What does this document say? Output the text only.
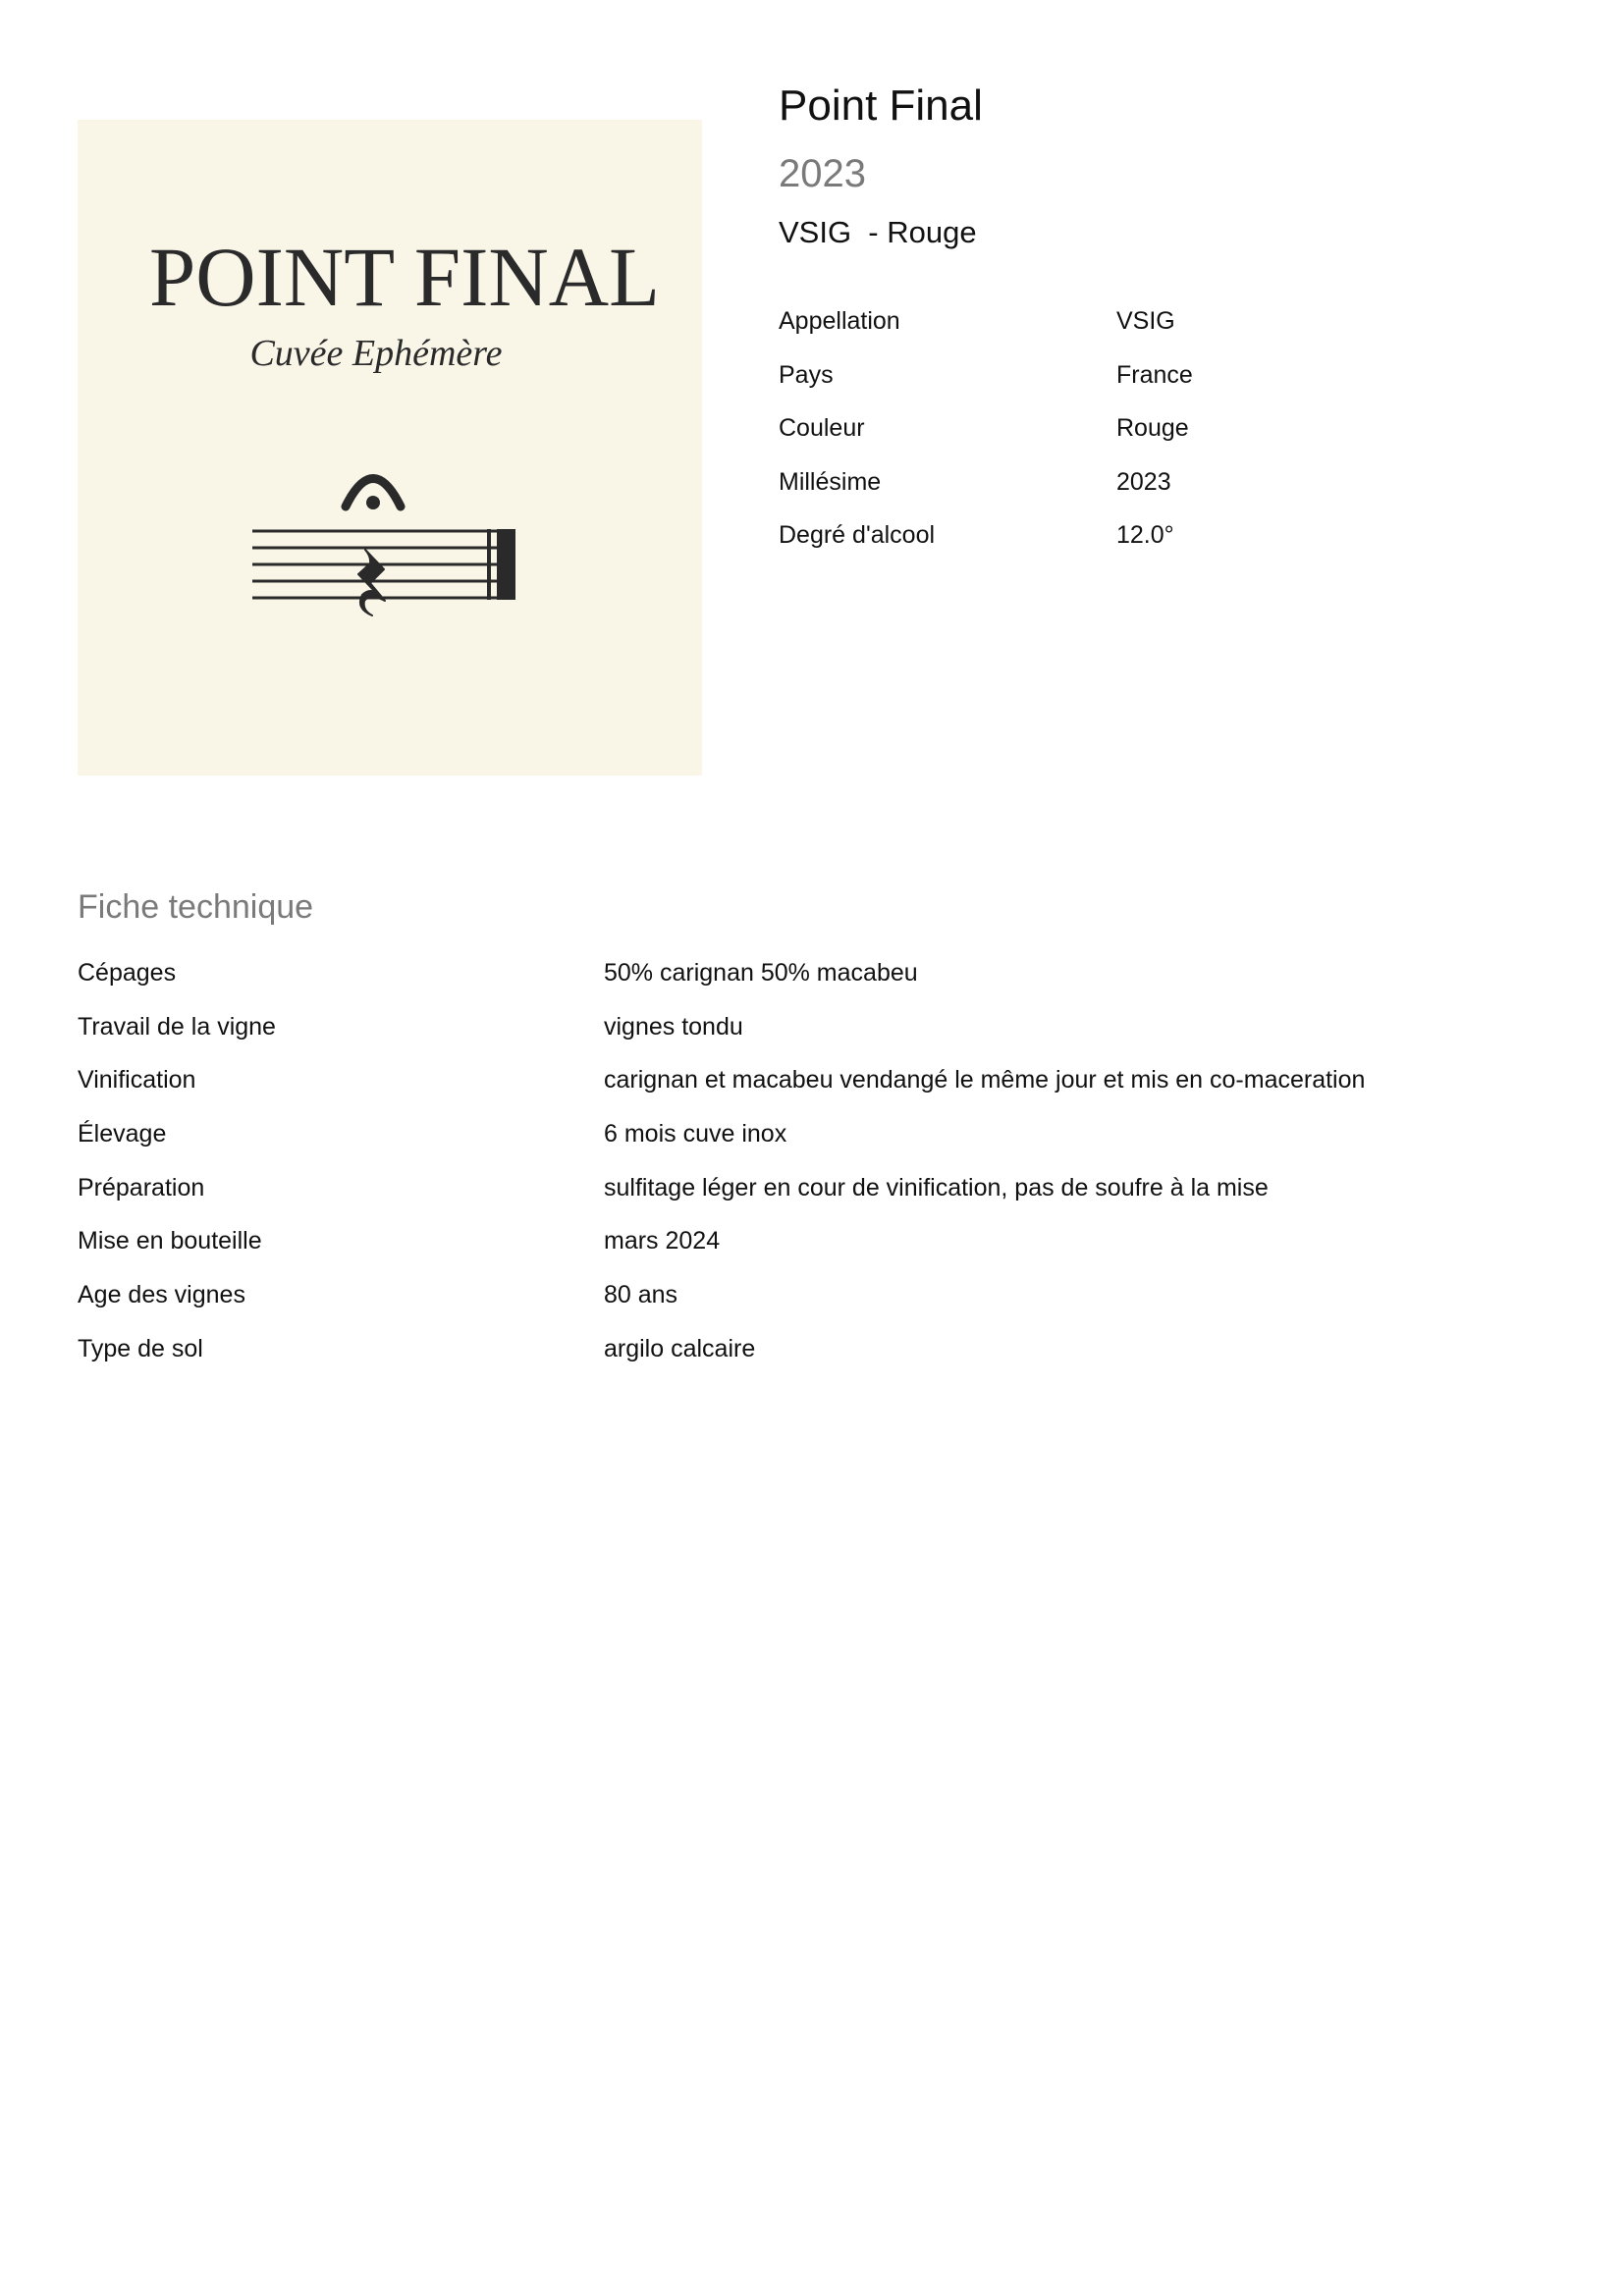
POINT FINAL
Cuvée Ephémère
Point Final
2023
VSIG  - Rouge
Appellation	VSIG
Pays	France
Couleur	Rouge
Millésime	2023
Degré d'alcool	12.0°
Fiche technique
Cépages	50% carignan 50% macabeu
Travail de la vigne	vignes tondu
Vinification	carignan et macabeu vendangé le même jour et mis en co-maceration
Élevage	6 mois cuve inox
Préparation	sulfitage léger en cour de vinification, pas de soufre à la mise
Mise en bouteille	mars 2024
Age des vignes	80 ans
Type de sol	argilo calcaire
